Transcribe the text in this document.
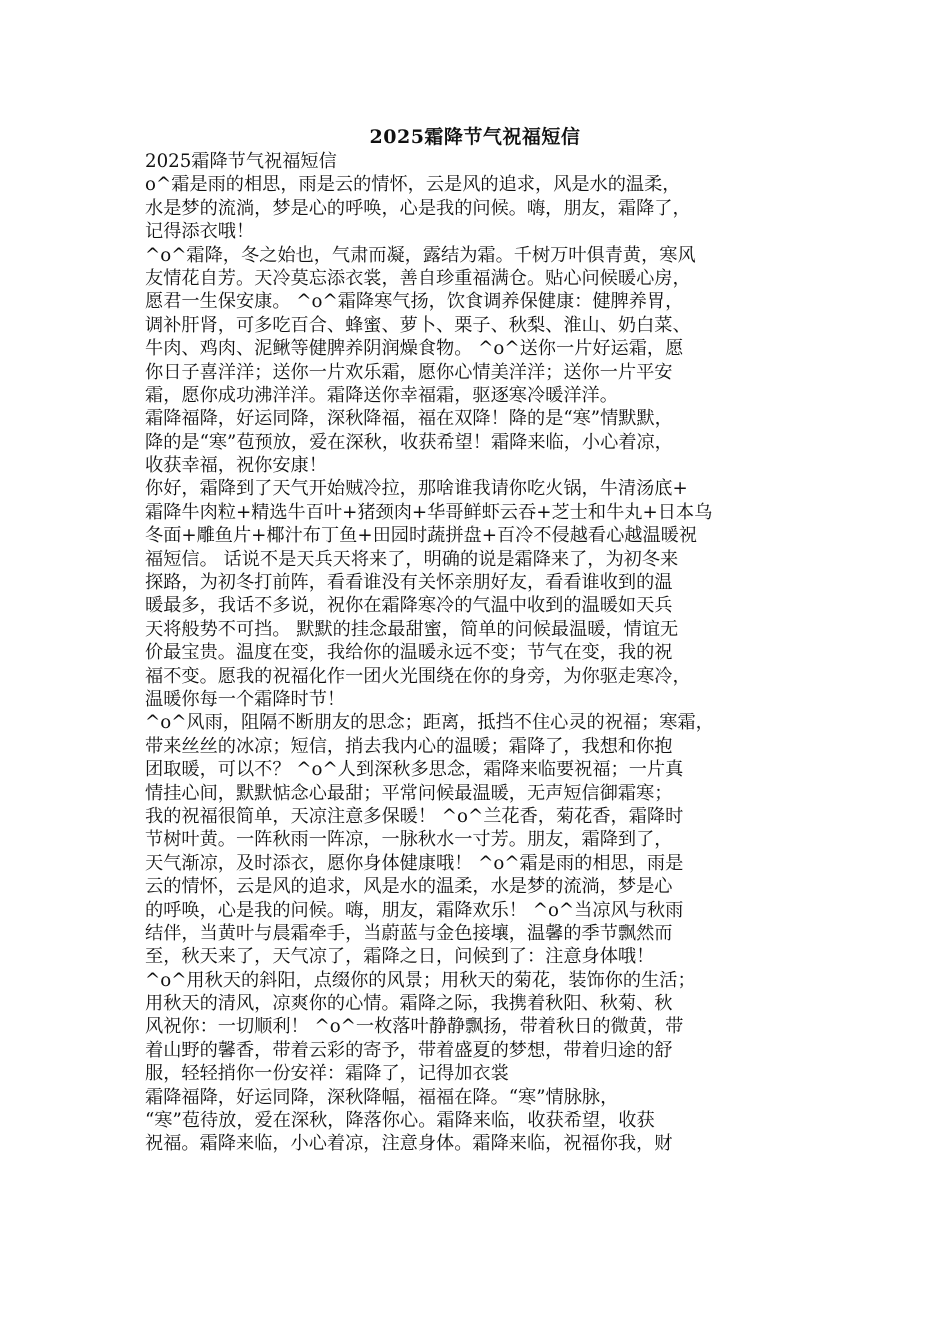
2025霜降节气祝福短信
2025霜降节气祝福短信
o^霜是雨的相思，雨是云的情怀，云是风的追求，风是水的温柔，
水是梦的流淌，梦是心的呼唤，心是我的问候。嗨，朋友，霜降了，
记得添衣哦！
^o^霜降，冬之始也，气肃而凝，露结为霜。千树万叶俱青黄，寒风
友情花自芳。天冷莫忘添衣裳，善自珍重福满仓。贴心问候暖心房，
愿君一生保安康。 ^o^霜降寒气扬，饮食调养保健康：健脾养胃，
调补肝肾，可多吃百合、蜂蜜、萝卜、栗子、秋梨、淮山、奶白菜、
牛肉、鸡肉、泥鳅等健脾养阴润燥食物。 ^o^送你一片好运霜，愿
你日子喜洋洋；送你一片欢乐霜，愿你心情美洋洋；送你一片平安
霜，愿你成功沸洋洋。霜降送你幸福霜，驱逐寒冷暖洋洋。
霜降福降，好运同降，深秋降福，福在双降！降的是“寒”情默默，
降的是“寒”苞预放，爱在深秋，收获希望！霜降来临，小心着凉，
收获幸福，祝你安康！
你好，霜降到了天气开始贼冷拉，那啥谁我请你吃火锅，牛清汤底+
霜降牛肉粒+精选牛百叶+猪颈肉+华哥鲜虾云吞+芝士和牛丸+日本乌
冬面+雕鱼片+椰汁布丁鱼+田园时蔬拼盘+百冷不侵越看心越温暖祝
福短信。 话说不是天兵天将来了，明确的说是霜降来了，为初冬来
探路，为初冬打前阵，看看谁没有关怀亲朋好友，看看谁收到的温
暖最多，我话不多说，祝你在霜降寒冷的气温中收到的温暖如天兵
天将般势不可挡。 默默的挂念最甜蜜，简单的问候最温暖，情谊无
价最宝贵。温度在变，我给你的温暖永远不变；节气在变，我的祝
福不变。愿我的祝福化作一团火光围绕在你的身旁，为你驱走寒冷，
温暖你每一个霜降时节！
^o^风雨，阻隔不断朋友的思念；距离，抵挡不住心灵的祝福；寒霜，
带来丝丝的冰凉；短信，捎去我内心的温暖；霜降了，我想和你抱
团取暖，可以不？ ^o^人到深秋多思念，霜降来临要祝福；一片真
情挂心间，默默惦念心最甜；平常问候最温暖，无声短信御霜寒；
我的祝福很简单，天凉注意多保暖！ ^o^兰花香，菊花香，霜降时
节树叶黄。一阵秋雨一阵凉，一脉秋水一寸芳。朋友，霜降到了，
天气渐凉，及时添衣，愿你身体健康哦！ ^o^霜是雨的相思，雨是
云的情怀，云是风的追求，风是水的温柔，水是梦的流淌，梦是心
的呼唤，心是我的问候。嗨，朋友，霜降欢乐！ ^o^当凉风与秋雨
结伴，当黄叶与晨霜牵手，当蔚蓝与金色接壤，温馨的季节飘然而
至，秋天来了，天气凉了，霜降之日，问候到了：注意身体哦！
^o^用秋天的斜阳，点缀你的风景；用秋天的菊花，装饰你的生活；
用秋天的清风，凉爽你的心情。霜降之际，我携着秋阳、秋菊、秋
风祝你：一切顺利！ ^o^一枚落叶静静飘扬，带着秋日的微黄，带
着山野的馨香，带着云彩的寄予，带着盛夏的梦想，带着归途的舒
服，轻轻捎你一份安祥：霜降了，记得加衣裳
霜降福降，好运同降，深秋降幅，福福在降。“寒”情脉脉，
“寒”苞待放，爱在深秋，降落你心。霜降来临，收获希望，收获
祝福。霜降来临，小心着凉，注意身体。霜降来临，祝福你我，财
